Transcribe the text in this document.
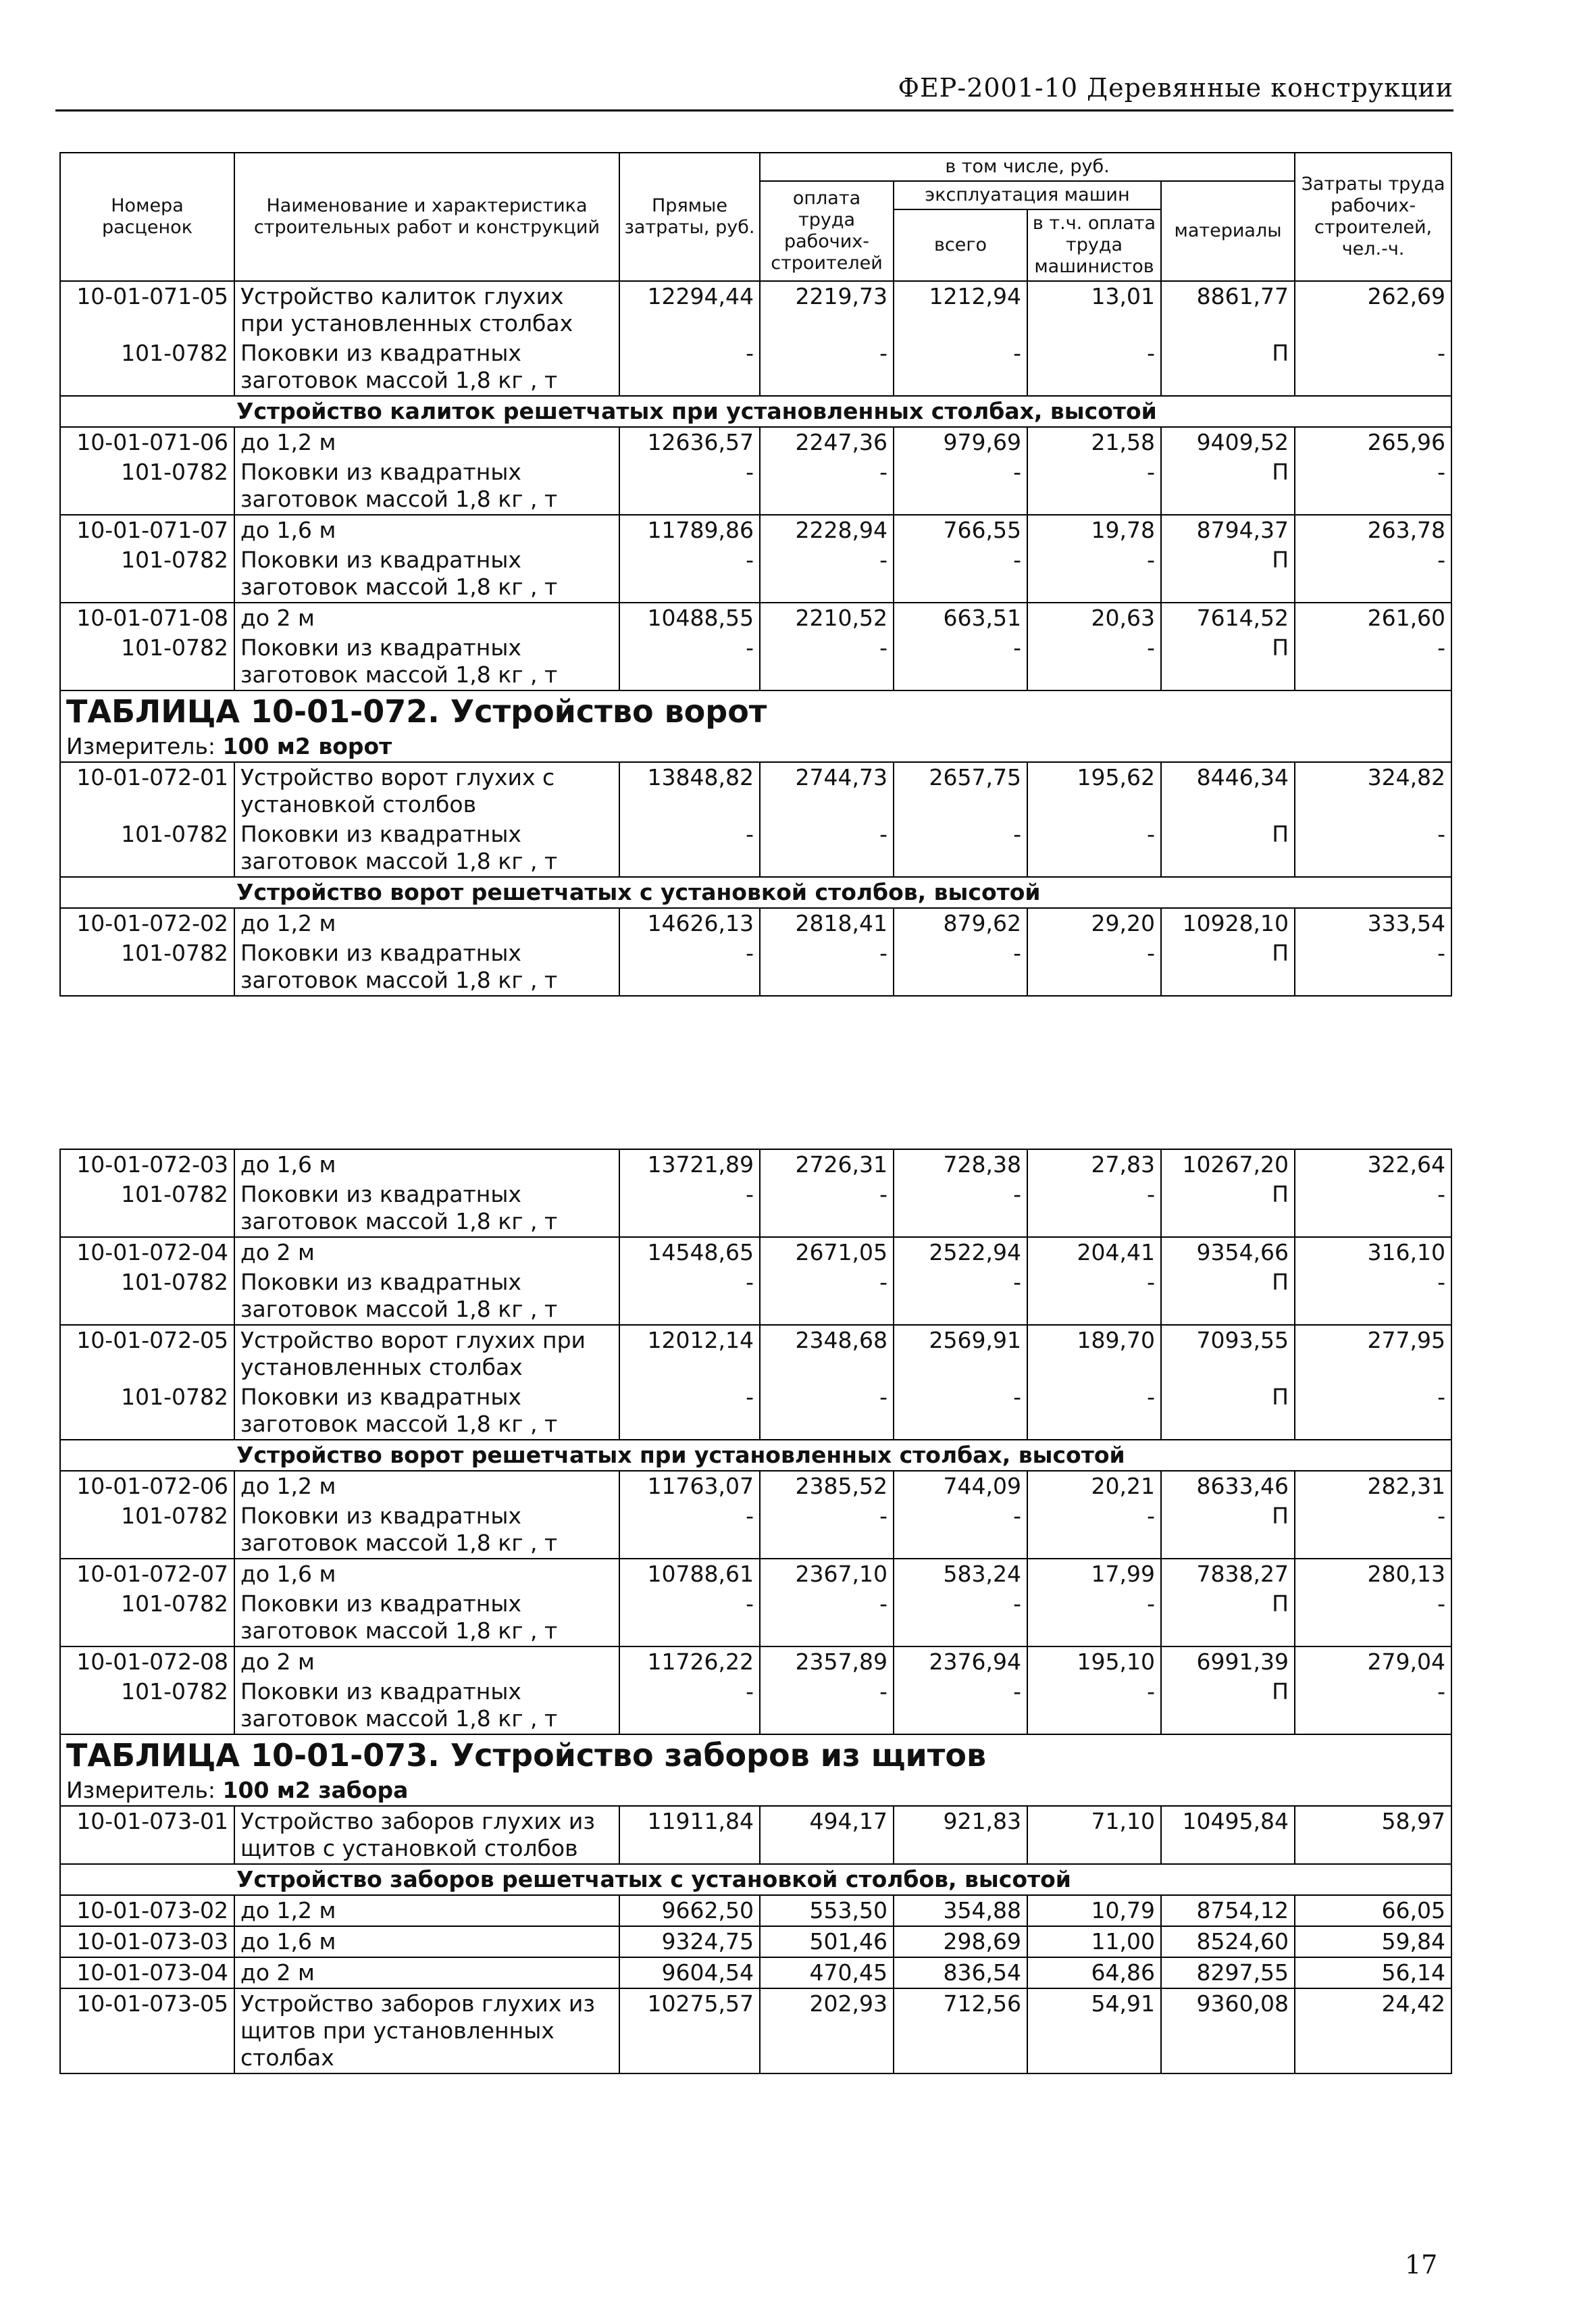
ФЕР-2001-10 Деревянные конструкции
Номера расценок	Наименование и характеристика строительных работ и конструкций	Прямые затраты, руб.	в том числе, руб.				Затраты труда рабочих-строителей, чел.-ч.
			оплата труда рабочих-строителей	эксплуатация машин		материалы	
				всего	в т.ч. оплата труда машинистов		
10-01-071-05	Устройство калиток глухих при установленных столбах	12294,44	2219,73	1212,94	13,01	8861,77	262,69
101-0782	Поковки из квадратных заготовок массой 1,8 кг , т	-	-	-	-	П	-
Устройство калиток решетчатых при установленных столбах, высотой							
10-01-071-06	до 1,2 м	12636,57	2247,36	979,69	21,58	9409,52	265,96
101-0782	Поковки из квадратных заготовок массой 1,8 кг , т	-	-	-	-	П	-
10-01-071-07	до 1,6 м	11789,86	2228,94	766,55	19,78	8794,37	263,78
101-0782	Поковки из квадратных заготовок массой 1,8 кг , т	-	-	-	-	П	-
10-01-071-08	до 2 м	10488,55	2210,52	663,51	20,63	7614,52	261,60
101-0782	Поковки из квадратных заготовок массой 1,8 кг , т	-	-	-	-	П	-
ТАБЛИЦА 10-01-072. Устройство ворот							
Измеритель: 100 м2 ворот							
10-01-072-01	Устройство ворот глухих с установкой столбов	13848,82	2744,73	2657,75	195,62	8446,34	324,82
101-0782	Поковки из квадратных заготовок массой 1,8 кг , т	-	-	-	-	П	-
Устройство ворот решетчатых с установкой столбов, высотой							
10-01-072-02	до 1,2 м	14626,13	2818,41	879,62	29,20	10928,10	333,54
101-0782	Поковки из квадратных заготовок массой 1,8 кг , т	-	-	-	-	П	-
10-01-072-03	до 1,6 м	13721,89	2726,31	728,38	27,83	10267,20	322,64
101-0782	Поковки из квадратных заготовок массой 1,8 кг , т	-	-	-	-	П	-
10-01-072-04	до 2 м	14548,65	2671,05	2522,94	204,41	9354,66	316,10
101-0782	Поковки из квадратных заготовок массой 1,8 кг , т	-	-	-	-	П	-
10-01-072-05	Устройство ворот глухих при установленных столбах	12012,14	2348,68	2569,91	189,70	7093,55	277,95
101-0782	Поковки из квадратных заготовок массой 1,8 кг , т	-	-	-	-	П	-
Устройство ворот решетчатых при установленных столбах, высотой							
10-01-072-06	до 1,2 м	11763,07	2385,52	744,09	20,21	8633,46	282,31
101-0782	Поковки из квадратных заготовок массой 1,8 кг , т	-	-	-	-	П	-
10-01-072-07	до 1,6 м	10788,61	2367,10	583,24	17,99	7838,27	280,13
101-0782	Поковки из квадратных заготовок массой 1,8 кг , т	-	-	-	-	П	-
10-01-072-08	до 2 м	11726,22	2357,89	2376,94	195,10	6991,39	279,04
101-0782	Поковки из квадратных заготовок массой 1,8 кг , т	-	-	-	-	П	-
ТАБЛИЦА 10-01-073. Устройство заборов из щитов							
Измеритель: 100 м2 забора							
10-01-073-01	Устройство заборов глухих из щитов с установкой столбов	11911,84	494,17	921,83	71,10	10495,84	58,97
Устройство заборов решетчатых с установкой столбов, высотой							
10-01-073-02	до 1,2 м	9662,50	553,50	354,88	10,79	8754,12	66,05
10-01-073-03	до 1,6 м	9324,75	501,46	298,69	11,00	8524,60	59,84
10-01-073-04	до 2 м	9604,54	470,45	836,54	64,86	8297,55	56,14
10-01-073-05	Устройство заборов глухих из щитов при установленных столбах	10275,57	202,93	712,56	54,91	9360,08	24,42
17
